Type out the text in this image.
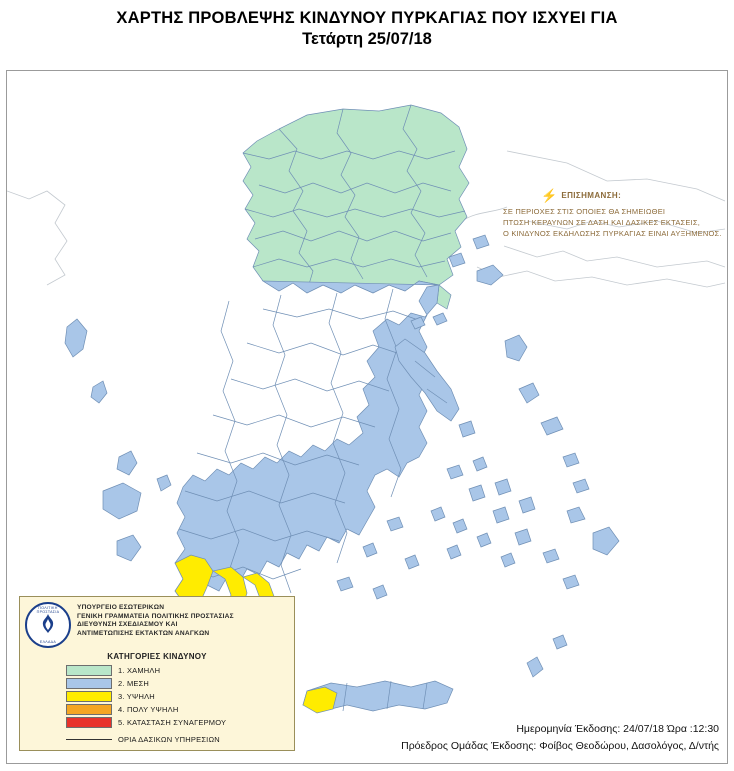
ΧΑΡΤΗΣ ΠΡΟΒΛΕΨΗΣ ΚΙΝΔΥΝΟΥ ΠΥΡΚΑΓΙΑΣ ΠΟΥ ΙΣΧΥΕΙ ΓΙΑ
Τετάρτη 25/07/18
⚡ ΕΠΙΣΗΜΑΝΣΗ:
ΣΕ ΠΕΡΙΟΧΕΣ ΣΤΙΣ ΟΠΟΙΕΣ ΘΑ ΣΗΜΕΙΩΘΕΙ
ΠΤΩΣΗ ΚΕΡΑΥΝΩΝ ΣΕ ΔΑΣΗ ΚΑΙ ΔΑΣΙΚΕΣ ΕΚΤΑΣΕΙΣ,
Ο ΚΙΝΔΥΝΟΣ ΕΚΔΗΛΩΣΗΣ ΠΥΡΚΑΓΙΑΣ ΕΙΝΑΙ ΑΥΞΗΜΕΝΟΣ.
ΠΟΛΙΤΙΚΗ ΠΡΟΣΤΑΣΙΑ
ΕΛΛΑΔΑ
ΥΠΟΥΡΓΕΙΟ ΕΣΩΤΕΡΙΚΩΝ
ΓΕΝΙΚΗ ΓΡΑΜΜΑΤΕΙΑ ΠΟΛΙΤΙΚΗΣ ΠΡΟΣΤΑΣΙΑΣ
ΔΙΕΥΘΥΝΣΗ ΣΧΕΔΙΑΣΜΟΥ ΚΑΙ
ΑΝΤΙΜΕΤΩΠΙΣΗΣ ΕΚΤΑΚΤΩΝ ΑΝΑΓΚΩΝ
ΚΑΤΗΓΟΡΙΕΣ ΚΙΝΔΥΝΟΥ
1. ΧΑΜΗΛΗ
2. ΜΕΣΗ
3. ΥΨΗΛΗ
4. ΠΟΛΥ ΥΨΗΛΗ
5. ΚΑΤΑΣΤΑΣΗ ΣΥΝΑΓΕΡΜΟΥ
ΟΡΙΑ ΔΑΣΙΚΩΝ ΥΠΗΡΕΣΙΩΝ
Ημερομηνία Έκδοσης: 24/07/18 Ώρα :12:30
Πρόεδρος Ομάδας Έκδοσης: Φοίβος Θεοδώρου, Δασολόγος, Δ/ντής
